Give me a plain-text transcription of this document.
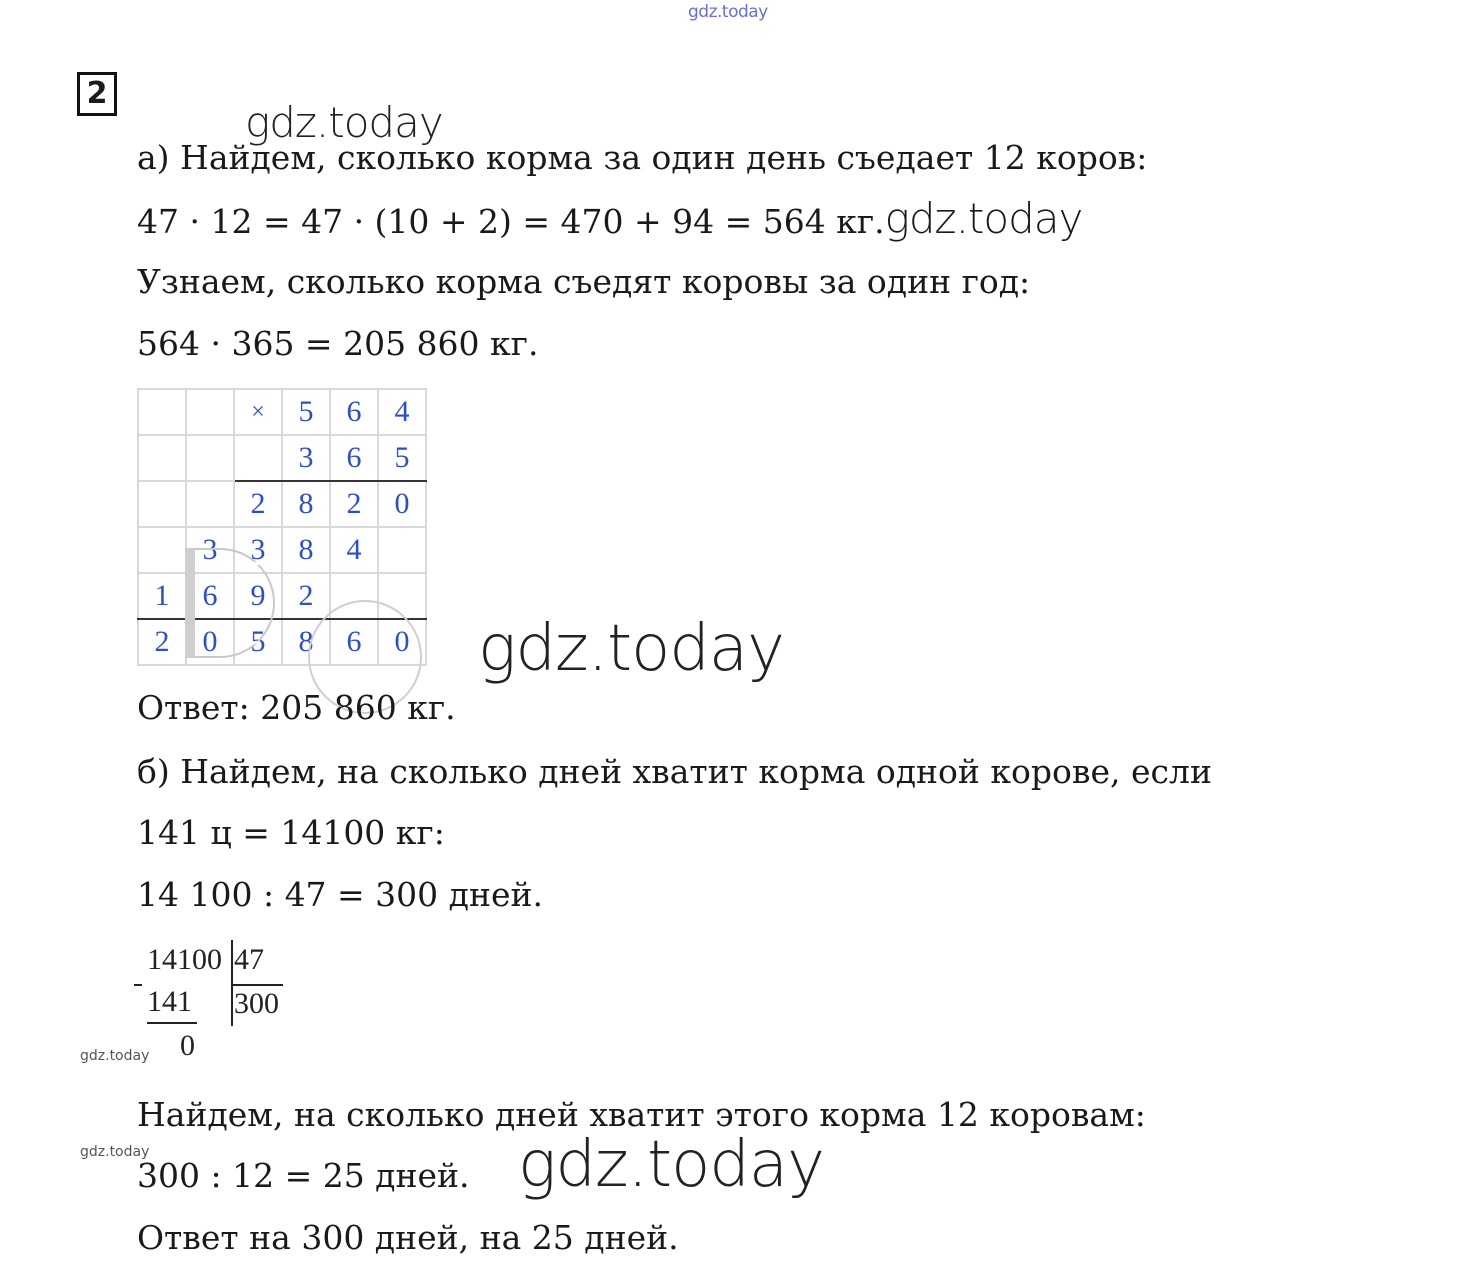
gdz.today
gdz.today
gdz.today
gdz.today
gdz.today
gdz.today
2
а) Найдем, сколько корма за один день съедает 12 коров:
47 · 12 = 47 · (10 + 2) = 470 + 94 = 564 кг.gdz.today
Узнаем, сколько корма съедят коровы за один год:
564 · 365 = 205 860 кг.
		×	5	6	4
			3	6	5
		2	8	2	0
	3	3	8	4	
1	6	9	2		
2	0	5	8	6	0
Ответ: 205 860 кг.
б) Найдем, на сколько дней хватит корма одной корове, если
141 ц = 14100 кг:
14 100 : 47 = 300 дней.
14100 47
141 300
0
Найдем, на сколько дней хватит этого корма 12 коровам:
300 : 12 = 25 дней.
Ответ на 300 дней, на 25 дней.
